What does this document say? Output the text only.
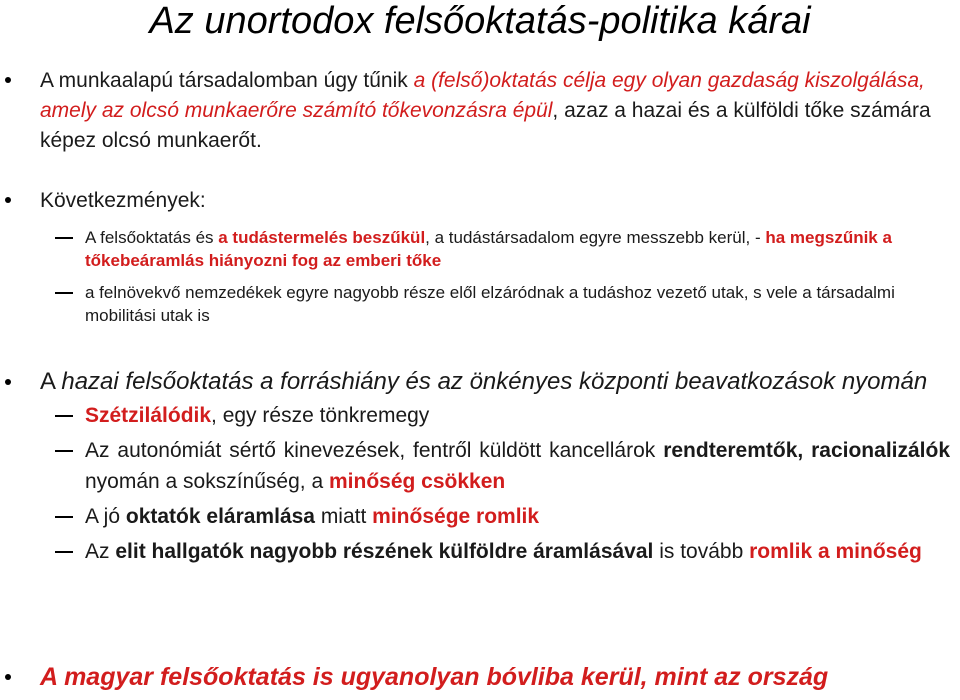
Az unortodox felsőoktatás-politika kárai
A munkaalapú társadalomban úgy tűnik a (felső)oktatás célja egy olyan gazdaság kiszolgálása, amely az olcsó munkaerőre számító tőkevonzásra épül, azaz a hazai és a külföldi tőke számára képez olcsó munkaerőt.
Következmények:
A felsőoktatás és a tudástermelés beszűkül, a tudástársadalom egyre messzebb kerül, - ha megszűnik a tőkebeáramlás hiányozni fog az emberi tőke
a felnövekvő nemzedékek egyre nagyobb része elől elzáródnak a tudáshoz vezető utak, s vele a társadalmi mobilitási utak is
A hazai felsőoktatás a forráshiány és az önkényes központi beavatkozások nyomán
Szétzilálódik, egy része tönkremegy
Az autonómiát sértő kinevezések, fentről küldött kancellárok rendteremtők, racionalizálók nyomán a sokszínűség, a minőség csökken
A jó oktatók eláramlása miatt minősége romlik
Az elit hallgatók nagyobb részének külföldre áramlásával is tovább romlik a minőség
A magyar felsőoktatás is ugyanolyan bóvliba kerül, mint az ország
